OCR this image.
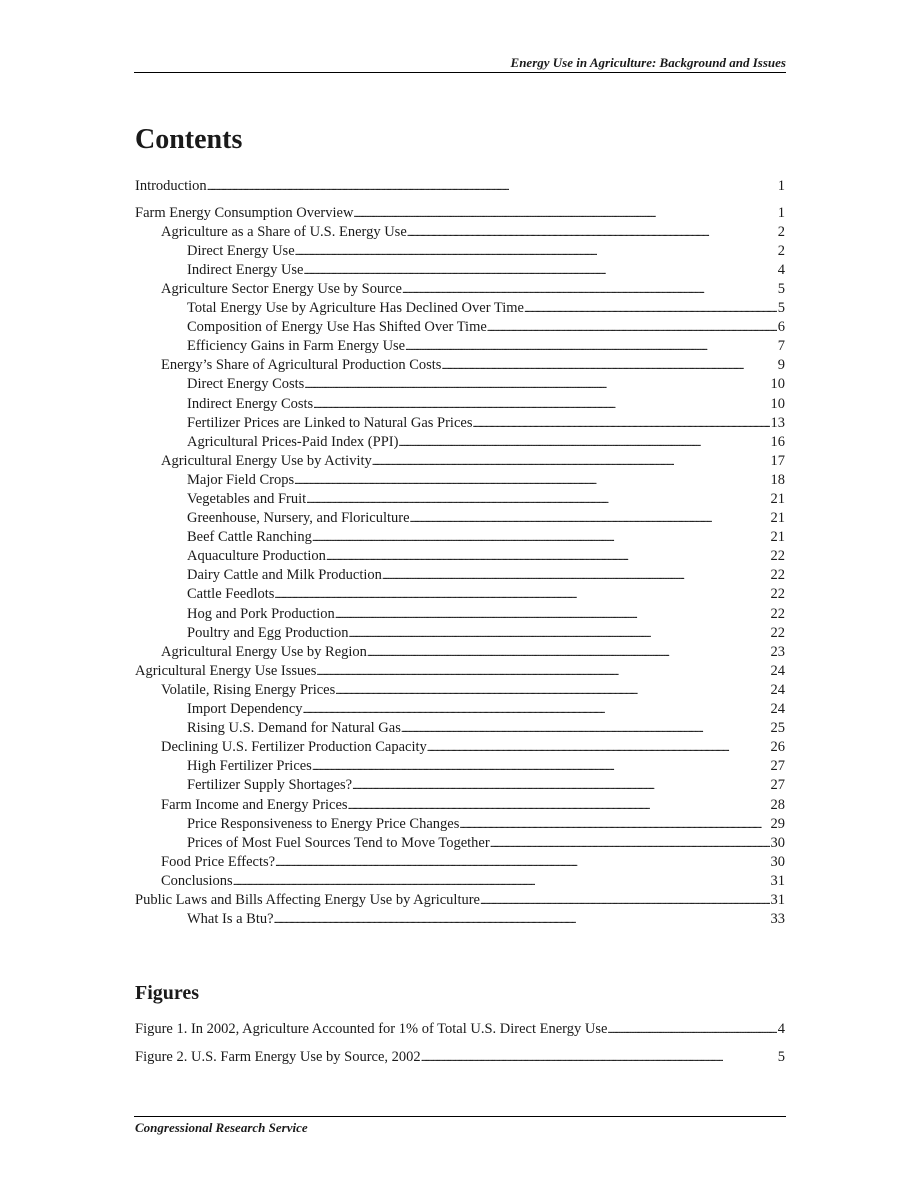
Energy Use in Agriculture: Background and Issues
Contents
Introduction . . .	1
Farm Energy Consumption Overview . . .	1
Agriculture as a Share of U.S. Energy Use . . .	2
Direct Energy Use . . .	2
Indirect Energy Use . . .	4
Agriculture Sector Energy Use by Source . . .	5
Total Energy Use by Agriculture Has Declined Over Time . . .	5
Composition of Energy Use Has Shifted Over Time . . .	6
Efficiency Gains in Farm Energy Use . . .	7
Energy’s Share of Agricultural Production Costs . . .	9
Direct Energy Costs . . .	10
Indirect Energy Costs . . .	10
Fertilizer Prices are Linked to Natural Gas Prices . . .	13
Agricultural Prices-Paid Index (PPI) . . .	16
Agricultural Energy Use by Activity . . .	17
Major Field Crops . . .	18
Vegetables and Fruit . . .	21
Greenhouse, Nursery, and Floriculture . . .	21
Beef Cattle Ranching . . .	21
Aquaculture Production . . .	22
Dairy Cattle and Milk Production . . .	22
Cattle Feedlots . . .	22
Hog and Pork Production . . .	22
Poultry and Egg Production . . .	22
Agricultural Energy Use by Region . . .	23
Agricultural Energy Use Issues . . .	24
Volatile, Rising Energy Prices . . .	24
Import Dependency . . .	24
Rising U.S. Demand for Natural Gas . . .	25
Declining U.S. Fertilizer Production Capacity . . .	26
High Fertilizer Prices . . .	27
Fertilizer Supply Shortages? . . .	27
Farm Income and Energy Prices . . .	28
Price Responsiveness to Energy Price Changes . . .	29
Prices of Most Fuel Sources Tend to Move Together . . .	30
Food Price Effects? . . .	30
Conclusions . . .	31
Public Laws and Bills Affecting Energy Use by Agriculture . . .	31
What Is a Btu? . . .	33
Figures
Figure 1. In 2002, Agriculture Accounted for 1% of Total U.S. Direct Energy Use . . .	4
Figure 2. U.S. Farm Energy Use by Source, 2002 . . .	5
Congressional Research Service
